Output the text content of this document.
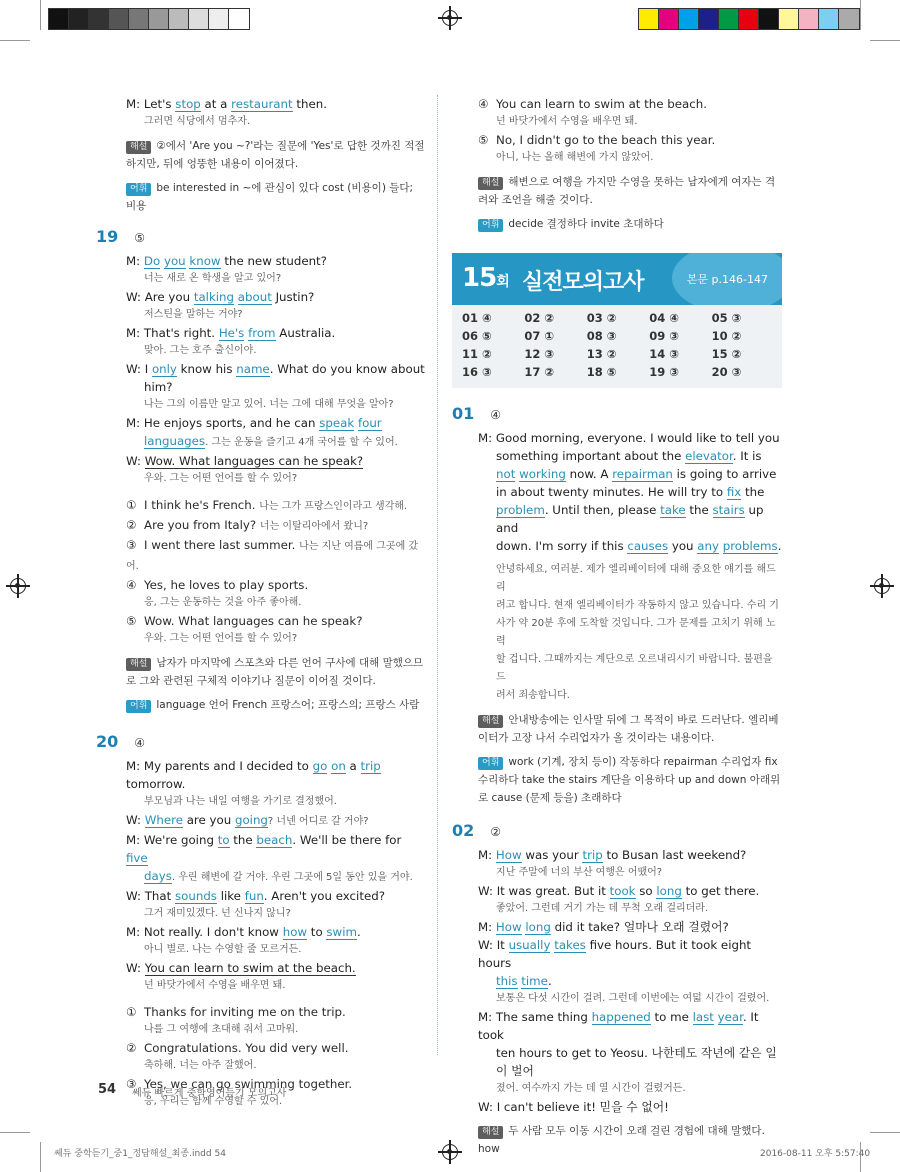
M: Let's stop at a restaurant then.
그러면 식당에서 멈추자.
해설 ②에서 'Are you ~?'라는 질문에 'Yes'로 답한 것까진 적절하지만, 뒤에 엉뚱한 내용이 이어졌다.
어휘 be interested in ~에 관심이 있다 cost (비용이) 들다; 비용
19 ⑤
M: Do you know the new student?
너는 새로 온 학생을 알고 있어?
W: Are you talking about Justin?
저스틴을 말하는 거야?
M: That's right. He's from Australia.
맞아. 그는 호주 출신이야.
W: I only know his name. What do you know about
him?
나는 그의 이름만 알고 있어. 너는 그에 대해 무엇을 알아?
M: He enjoys sports, and he can speak four
languages. 그는 운동을 즐기고 4개 국어를 할 수 있어.
W: Wow. What languages can he speak?
우와. 그는 어떤 언어를 할 수 있어?
① I think he's French. 나는 그가 프랑스인이라고 생각해.
② Are you from Italy? 너는 이탈리아에서 왔니?
③ I went there last summer. 나는 지난 여름에 그곳에 갔어.
④ Yes, he loves to play sports.
응, 그는 운동하는 것을 아주 좋아해.
⑤ Wow. What languages can he speak?
우와. 그는 어떤 언어를 할 수 있어?
해설 남자가 마지막에 스포츠와 다른 언어 구사에 대해 말했으므로 그와 관련된 구체적 이야기나 질문이 이어질 것이다.
어휘 language 언어 French 프랑스어; 프랑스의; 프랑스 사람
20 ④
M: My parents and I decided to go on a trip tomorrow.
부모님과 나는 내일 여행을 가기로 결정했어.
W: Where are you going? 너넨 어디로 갈 거야?
M: We're going to the beach. We'll be there for five
days. 우린 해변에 갈 거야. 우린 그곳에 5일 동안 있을 거야.
W: That sounds like fun. Aren't you excited?
그거 재미있겠다. 넌 신나지 않니?
M: Not really. I don't know how to swim.
아니 별로. 나는 수영할 줄 모르거든.
W: You can learn to swim at the beach.
넌 바닷가에서 수영을 배우면 돼.
① Thanks for inviting me on the trip.
나를 그 여행에 초대해 줘서 고마워.
② Congratulations. You did very well.
축하해. 너는 아주 잘했어.
③ Yes, we can go swimming together.
응, 우리는 함께 수영할 수 있어.
④ You can learn to swim at the beach.
넌 바닷가에서 수영을 배우면 돼.
⑤ No, I didn't go to the beach this year.
아니, 나는 올해 해변에 가지 않았어.
해설 해변으로 여행을 가지만 수영을 못하는 남자에게 여자는 격려와 조언을 해줄 것이다.
어휘 decide 결정하다 invite 초대하다
15회 실전모의고사	본문 p.146-147
01 ④	02 ②	03 ②	04 ④	05 ③
06 ⑤	07 ①	08 ③	09 ③	10 ②
11 ②	12 ③	13 ②	14 ③	15 ②
16 ③	17 ②	18 ⑤	19 ③	20 ③
01 ④
M: Good morning, everyone. I would like to tell you
something important about the elevator. It is
not working now. A repairman is going to arrive
in about twenty minutes. He will try to fix the
problem. Until then, please take the stairs up and
down. I'm sorry if this causes you any problems.
안녕하세요, 여러분. 제가 엘리베이터에 대해 중요한 얘기를 해드리
려고 합니다. 현재 엘리베이터가 작동하지 않고 있습니다. 수리 기
사가 약 20분 후에 도착할 것입니다. 그가 문제를 고치기 위해 노력
할 겁니다. 그때까지는 계단으로 오르내리시기 바랍니다. 불편을 드
려서 죄송합니다.
해설 안내방송에는 인사말 뒤에 그 목적이 바로 드러난다. 엘리베이터가 고장 나서 수리업자가 올 것이라는 내용이다.
어휘 work (기계, 장치 등이) 작동하다 repairman 수리업자 fix 수리하다 take the stairs 계단을 이용하다 up and down 아래위로 cause (문제 등을) 초래하다
02 ②
M: How was your trip to Busan last weekend?
지난 주말에 너의 부산 여행은 어땠어?
W: It was great. But it took so long to get there.
좋았어. 그런데 거기 가는 데 무척 오래 걸리더라.
M: How long did it take? 얼마나 오래 걸렸어?
W: It usually takes five hours. But it took eight hours
this time.
보통은 다섯 시간이 걸려. 그런데 이번에는 여덟 시간이 걸렸어.
M: The same thing happened to me last year. It took
ten hours to get to Yeosu. 나한테도 작년에 같은 일이 벌어
졌어. 여수까지 가는 데 열 시간이 걸렸거든.
W: I can't believe it! 믿을 수 없어!
해설 두 사람 모두 이동 시간이 오래 걸린 경험에 대해 말했다. how
54 쎄듀 빠르게 중학영어듣기 모의고사
쎄듀 중학듣기_중1_정답해설_최종.indd 54	2016-08-11 오후 5:57:40
